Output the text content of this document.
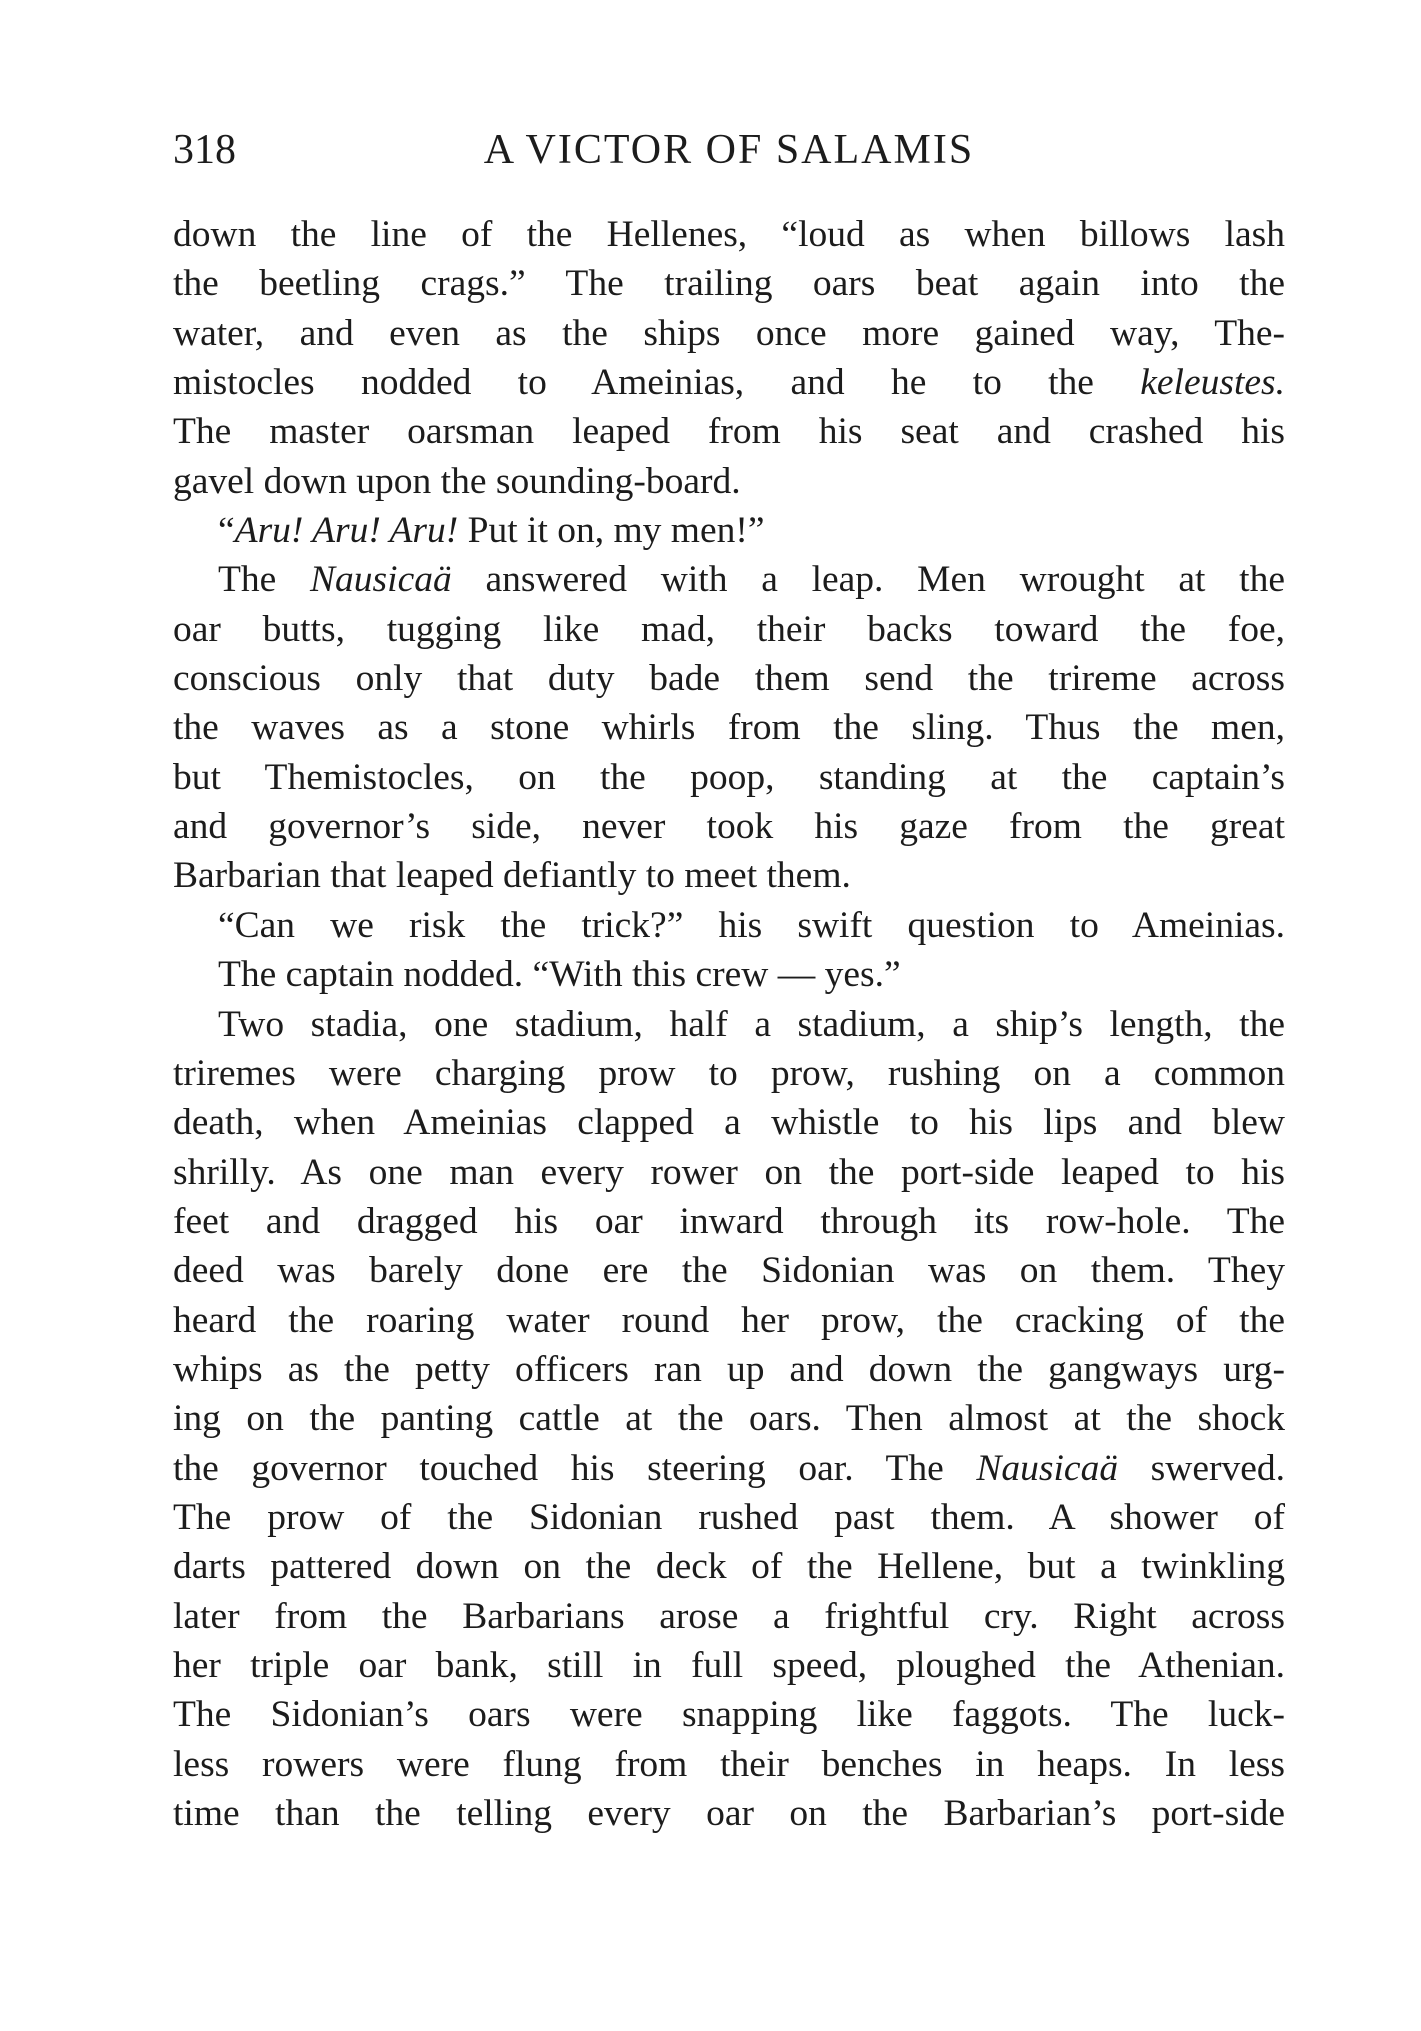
318	A VICTOR OF SALAMIS
down the line of the Hellenes, “loud as when billows lash
the beetling crags.” The trailing oars beat again into the
water, and even as the ships once more gained way, The-
mistocles nodded to Ameinias, and he to the keleustes.
The master oarsman leaped from his seat and crashed his
gavel down upon the sounding-board.
“Aru! Aru! Aru! Put it on, my men!”
The Nausicaä answered with a leap. Men wrought at the
oar butts, tugging like mad, their backs toward the foe,
conscious only that duty bade them send the trireme across
the waves as a stone whirls from the sling. Thus the men,
but Themistocles, on the poop, standing at the captain’s
and governor’s side, never took his gaze from the great
Barbarian that leaped defiantly to meet them.
“Can we risk the trick?” his swift question to Ameinias.
The captain nodded. “With this crew — yes.”
Two stadia, one stadium, half a stadium, a ship’s length, the
triremes were charging prow to prow, rushing on a common
death, when Ameinias clapped a whistle to his lips and blew
shrilly. As one man every rower on the port-side leaped to his
feet and dragged his oar inward through its row-hole. The
deed was barely done ere the Sidonian was on them. They
heard the roaring water round her prow, the cracking of the
whips as the petty officers ran up and down the gangways urg-
ing on the panting cattle at the oars. Then almost at the shock
the governor touched his steering oar. The Nausicaä swerved.
The prow of the Sidonian rushed past them. A shower of
darts pattered down on the deck of the Hellene, but a twinkling
later from the Barbarians arose a frightful cry. Right across
her triple oar bank, still in full speed, ploughed the Athenian.
The Sidonian’s oars were snapping like faggots. The luck-
less rowers were flung from their benches in heaps. In less
time than the telling every oar on the Barbarian’s port-side
